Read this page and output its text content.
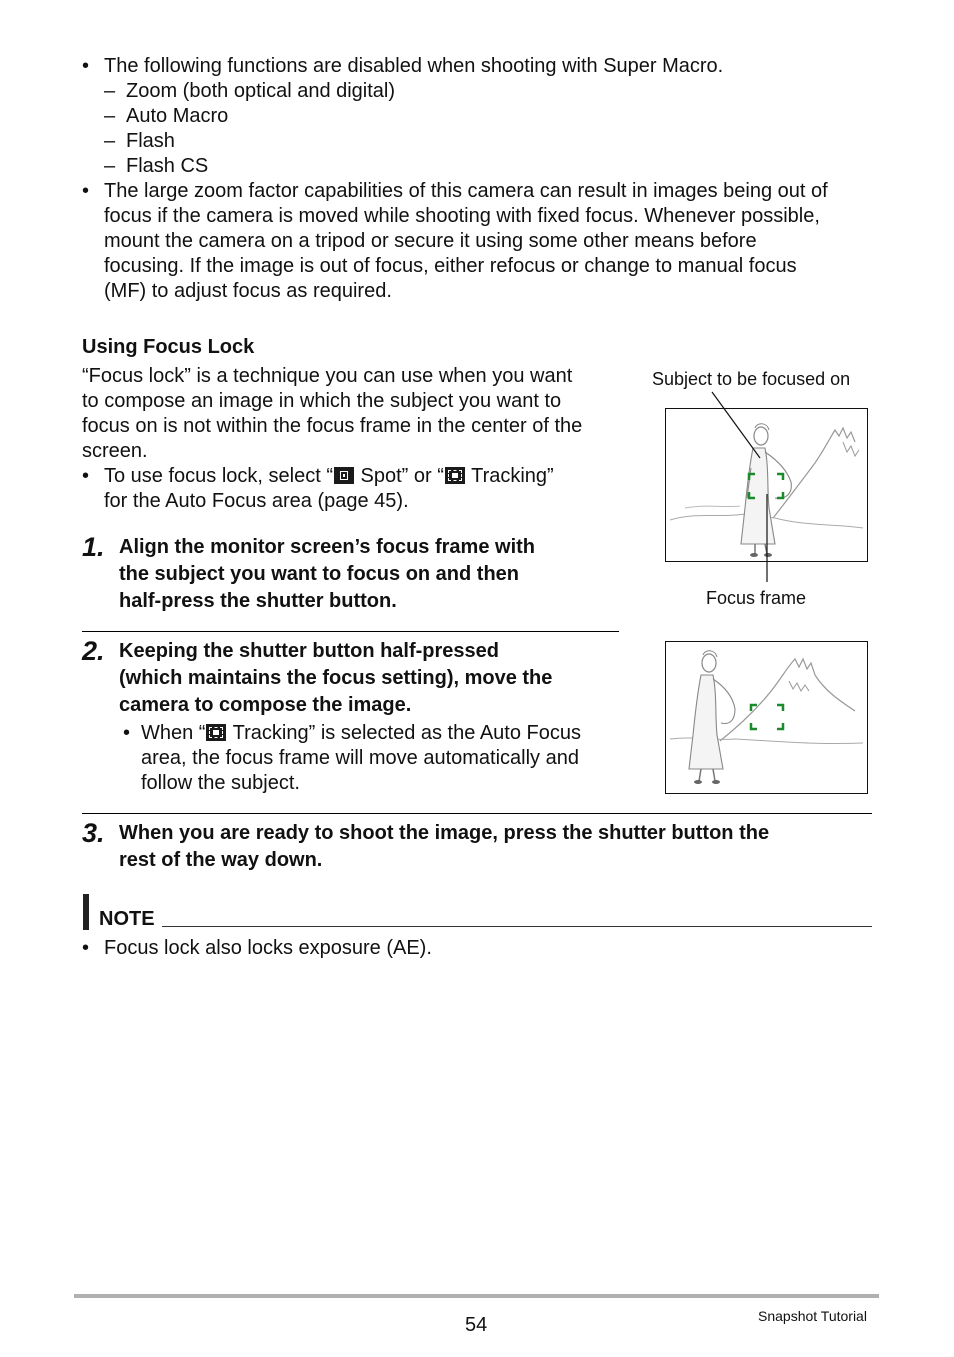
• The following functions are disabled when shooting with Super Macro.
– Zoom (both optical and digital)
– Auto Macro
– Flash
– Flash CS
• The large zoom factor capabilities of this camera can result in images being out of
focus if the camera is moved while shooting with fixed focus. Whenever possible,
mount the camera on a tripod or secure it using some other means before
focusing. If the image is out of focus, either refocus or change to manual focus
(MF) to adjust focus as required.
Using Focus Lock
“Focus lock” is a technique you can use when you want
to compose an image in which the subject you want to
focus on is not within the focus frame in the center of the
screen.
• To use focus lock, select “ Spot” or “ Tracking”
for the Auto Focus area (page 45).
Subject to be focused on
Focus frame
1. Align the monitor screen’s focus frame with
the subject you want to focus on and then
half-press the shutter button.
2. Keeping the shutter button half-pressed
(which maintains the focus setting), move the
camera to compose the image.
• When “ Tracking” is selected as the Auto Focus
area, the focus frame will move automatically and
follow the subject.
3. When you are ready to shoot the image, press the shutter button the
rest of the way down.
NOTE
• Focus lock also locks exposure (AE).
54	Snapshot Tutorial
